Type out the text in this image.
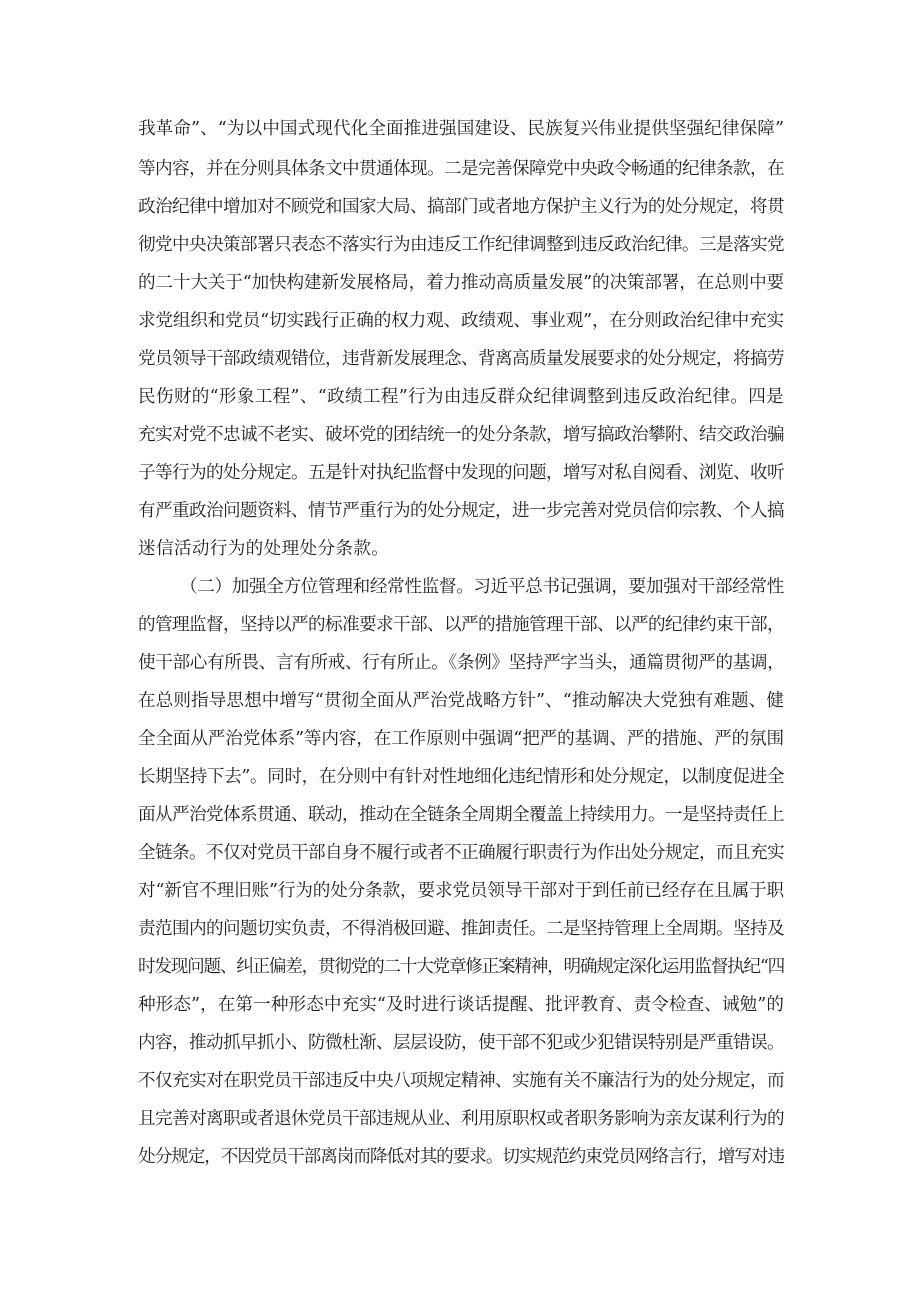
我革命”、“为以中国式现代化全面推进强国建设、民族复兴伟业提供坚强纪律保障”
等内容，并在分则具体条文中贯通体现。二是完善保障党中央政令畅通的纪律条款，在
政治纪律中增加对不顾党和国家大局、搞部门或者地方保护主义行为的处分规定，将贯
彻党中央决策部署只表态不落实行为由违反工作纪律调整到违反政治纪律。三是落实党
的二十大关于“加快构建新发展格局，着力推动高质量发展”的决策部署，在总则中要
求党组织和党员“切实践行正确的权力观、政绩观、事业观”，在分则政治纪律中充实
党员领导干部政绩观错位，违背新发展理念、背离高质量发展要求的处分规定，将搞劳
民伤财的“形象工程”、“政绩工程”行为由违反群众纪律调整到违反政治纪律。四是
充实对党不忠诚不老实、破坏党的团结统一的处分条款，增写搞政治攀附、结交政治骗
子等行为的处分规定。五是针对执纪监督中发现的问题，增写对私自阅看、浏览、收听
有严重政治问题资料、情节严重行为的处分规定，进一步完善对党员信仰宗教、个人搞
迷信活动行为的处理处分条款。
（二）加强全方位管理和经常性监督。习近平总书记强调，要加强对干部经常性
的管理监督，坚持以严的标准要求干部、以严的措施管理干部、以严的纪律约束干部，
使干部心有所畏、言有所戒、行有所止。《条例》坚持严字当头，通篇贯彻严的基调，
在总则指导思想中增写“贯彻全面从严治党战略方针”、“推动解决大党独有难题、健
全全面从严治党体系”等内容，在工作原则中强调“把严的基调、严的措施、严的氛围
长期坚持下去”。同时，在分则中有针对性地细化违纪情形和处分规定，以制度促进全
面从严治党体系贯通、联动，推动在全链条全周期全覆盖上持续用力。一是坚持责任上
全链条。不仅对党员干部自身不履行或者不正确履行职责行为作出处分规定，而且充实
对“新官不理旧账”行为的处分条款，要求党员领导干部对于到任前已经存在且属于职
责范围内的问题切实负责，不得消极回避、推卸责任。二是坚持管理上全周期。坚持及
时发现问题、纠正偏差，贯彻党的二十大党章修正案精神，明确规定深化运用监督执纪“四
种形态”，在第一种形态中充实“及时进行谈话提醒、批评教育、责令检查、诫勉”的
内容，推动抓早抓小、防微杜渐、层层设防，使干部不犯或少犯错误特别是严重错误。
不仅充实对在职党员干部违反中央八项规定精神、实施有关不廉洁行为的处分规定，而
且完善对离职或者退休党员干部违规从业、利用原职权或者职务影响为亲友谋利行为的
处分规定，不因党员干部离岗而降低对其的要求。切实规范约束党员网络言行，增写对违
